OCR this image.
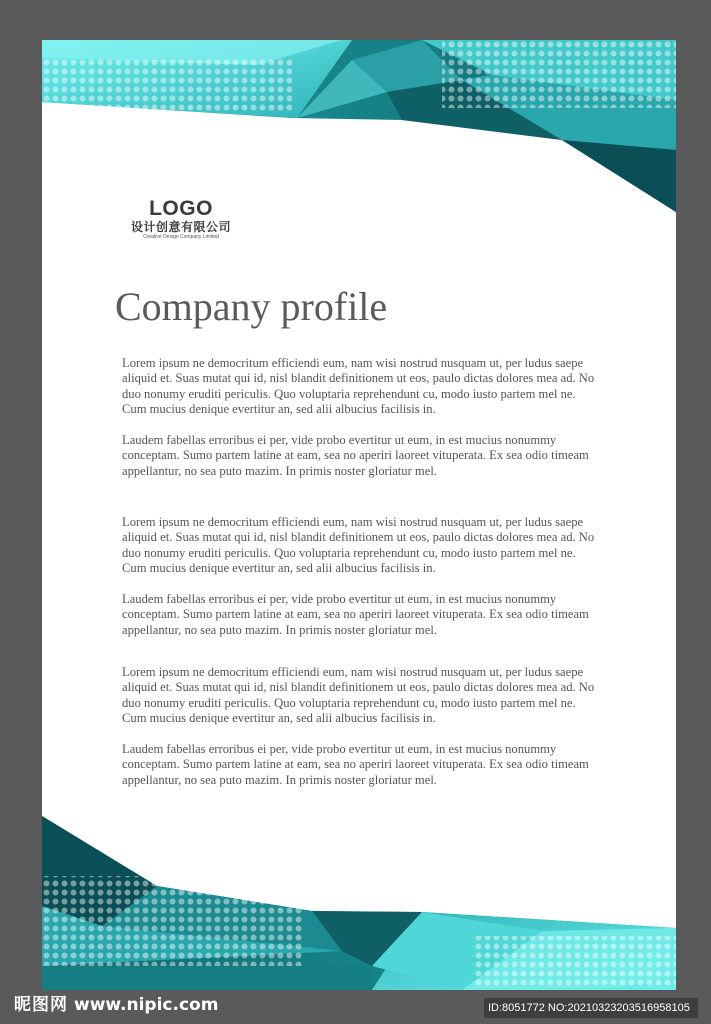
LOGO
设计创意有限公司
Creative Design Company Limited
Company profile

Lorem ipsum ne democritum efficiendi eum, nam wisi nostrud nusquam ut, per ludus saepe aliquid et. Suas mutat qui id, nisl blandit definitionem ut eos, paulo dictas dolores mea ad. No duo nonumy eruditi periculis. Quo voluptaria reprehendunt cu, modo iusto partem mel ne. Cum mucius denique evertitur an, sed alii albucius facilisis in.

Laudem fabellas erroribus ei per, vide probo evertitur ut eum, in est mucius nonummy conceptam. Sumo partem latine at eam, sea no aperiri laoreet vituperata. Ex sea odio timeam appellantur, no sea puto mazim. In primis noster gloriatur mel.

Lorem ipsum ne democritum efficiendi eum, nam wisi nostrud nusquam ut, per ludus saepe aliquid et. Suas mutat qui id, nisl blandit definitionem ut eos, paulo dictas dolores mea ad. No duo nonumy eruditi periculis. Quo voluptaria reprehendunt cu, modo iusto partem mel ne. Cum mucius denique evertitur an, sed alii albucius facilisis in.

Laudem fabellas erroribus ei per, vide probo evertitur ut eum, in est mucius nonummy conceptam. Sumo partem latine at eam, sea no aperiri laoreet vituperata. Ex sea odio timeam appellantur, no sea puto mazim. In primis noster gloriatur mel.

Lorem ipsum ne democritum efficiendi eum, nam wisi nostrud nusquam ut, per ludus saepe aliquid et. Suas mutat qui id, nisl blandit definitionem ut eos, paulo dictas dolores mea ad. No duo nonumy eruditi periculis. Quo voluptaria reprehendunt cu, modo iusto partem mel ne. Cum mucius denique evertitur an, sed alii albucius facilisis in.

Laudem fabellas erroribus ei per, vide probo evertitur ut eum, in est mucius nonummy conceptam. Sumo partem latine at eam, sea no aperiri laoreet vituperata. Ex sea odio timeam appellantur, no sea puto mazim. In primis noster gloriatur mel.

昵图网 www.nipic.com	ID:8051772 NO:20210323203516958105
